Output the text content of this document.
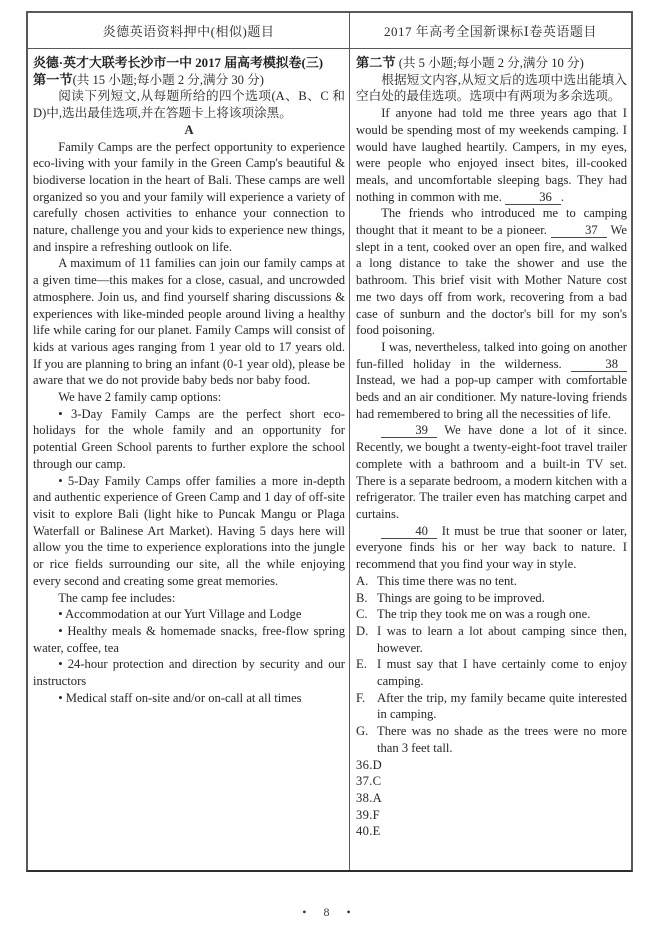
炎德英语资料押中(相似)题目	2017 年高考全国新课标Ⅰ卷英语题目

炎德·英才大联考长沙市一中 2017 届高考模拟卷(三)

第一节(共 15 小题;每小题 2 分,满分 30 分)

阅读下列短文,从每题所给的四个选项(A、B、C 和 D)中,选出最佳选项,并在答题卡上将该项涂黑。

A

Family Camps are the perfect opportunity to experience eco-living with your family in the Green Camp's beautiful & biodiverse location in the heart of Bali. These camps are well organized so you and your family will experience a variety of carefully chosen activities to enhance your connection to nature, challenge you and your kids to experience new things, and inspire a refreshing outlook on life.

A maximum of 11 families can join our family camps at a given time—this makes for a close, casual, and uncrowded atmosphere. Join us, and find yourself sharing discussions & experiences with like-minded people around living a healthy life while caring for our planet. Family Camps will consist of kids at various ages ranging from 1 year old to 17 years old. If you are planning to bring an infant (0-1 year old), please be aware that we do not provide baby beds nor baby food.

We have 2 family camp options:

• 3-Day Family Camps are the perfect short eco-holidays for the whole family and an opportunity for potential Green School parents to further explore the school through our camp.

• 5-Day Family Camps offer families a more in-depth and authentic experience of Green Camp and 1 day of off-site visit to explore Bali (light hike to Puncak Mangu or Plaga Waterfall or Balinese Art Market). Having 5 days here will allow you the time to experience explorations into the jungle or rice fields surrounding our site, all the while enjoying every second and creating some great memories.

The camp fee includes:

• Accommodation at our Yurt Village and Lodge

• Healthy meals & homemade snacks, free-flow spring water, coffee, tea

• 24-hour protection and direction by security and our instructors

• Medical staff on-site and/or on-call at all times

第二节 (共 5 小题;每小题 2 分,满分 10 分)

根据短文内容,从短文后的选项中选出能填入空白处的最佳选项。选项中有两项为多余选项。

If anyone had told me three years ago that I would be spending most of my weekends camping. I would have laughed heartily. Campers, in my eyes, were people who enjoyed insect bites, ill-cooked meals, and uncomfortable sleeping bags. They had nothing in common with me.	36 .

The friends who introduced me to camping thought that it meant to be a pioneer.	37 We slept in a tent, cooked over an open fire, and walked a long distance to take the shower and use the bathroom. This brief visit with Mother Nature cost me two days off from work, recovering from a bad case of sunburn and the doctor's bill for my son's food poisoning.

I was, nevertheless, talked into going on another fun-filled holiday in the wilderness.	38 Instead, we had a pop-up camper with comfortable beds and an air conditioner. My nature-loving friends had remembered to bring all the necessities of life.

39 We have done a lot of it since. Recently, we bought a twenty-eight-foot travel trailer complete with a bathroom and a built-in TV set. There is a separate bedroom, a modern kitchen with a refrigerator. The trailer even has matching carpet and curtains.

40 It must be true that sooner or later, everyone finds his or her way back to nature. I recommend that you find your way in style.

A. This time there was no tent.
B. Things are going to be improved.
C. The trip they took me on was a rough one.
D. I was to learn a lot about camping since then, however.
E. I must say that I have certainly come to enjoy camping.
F. After the trip, my family became quite interested in camping.
G. There was no shade as the trees were no more than 3 feet tall.

36.D

37.C

38.A

39.F

40.E

• 8 •
